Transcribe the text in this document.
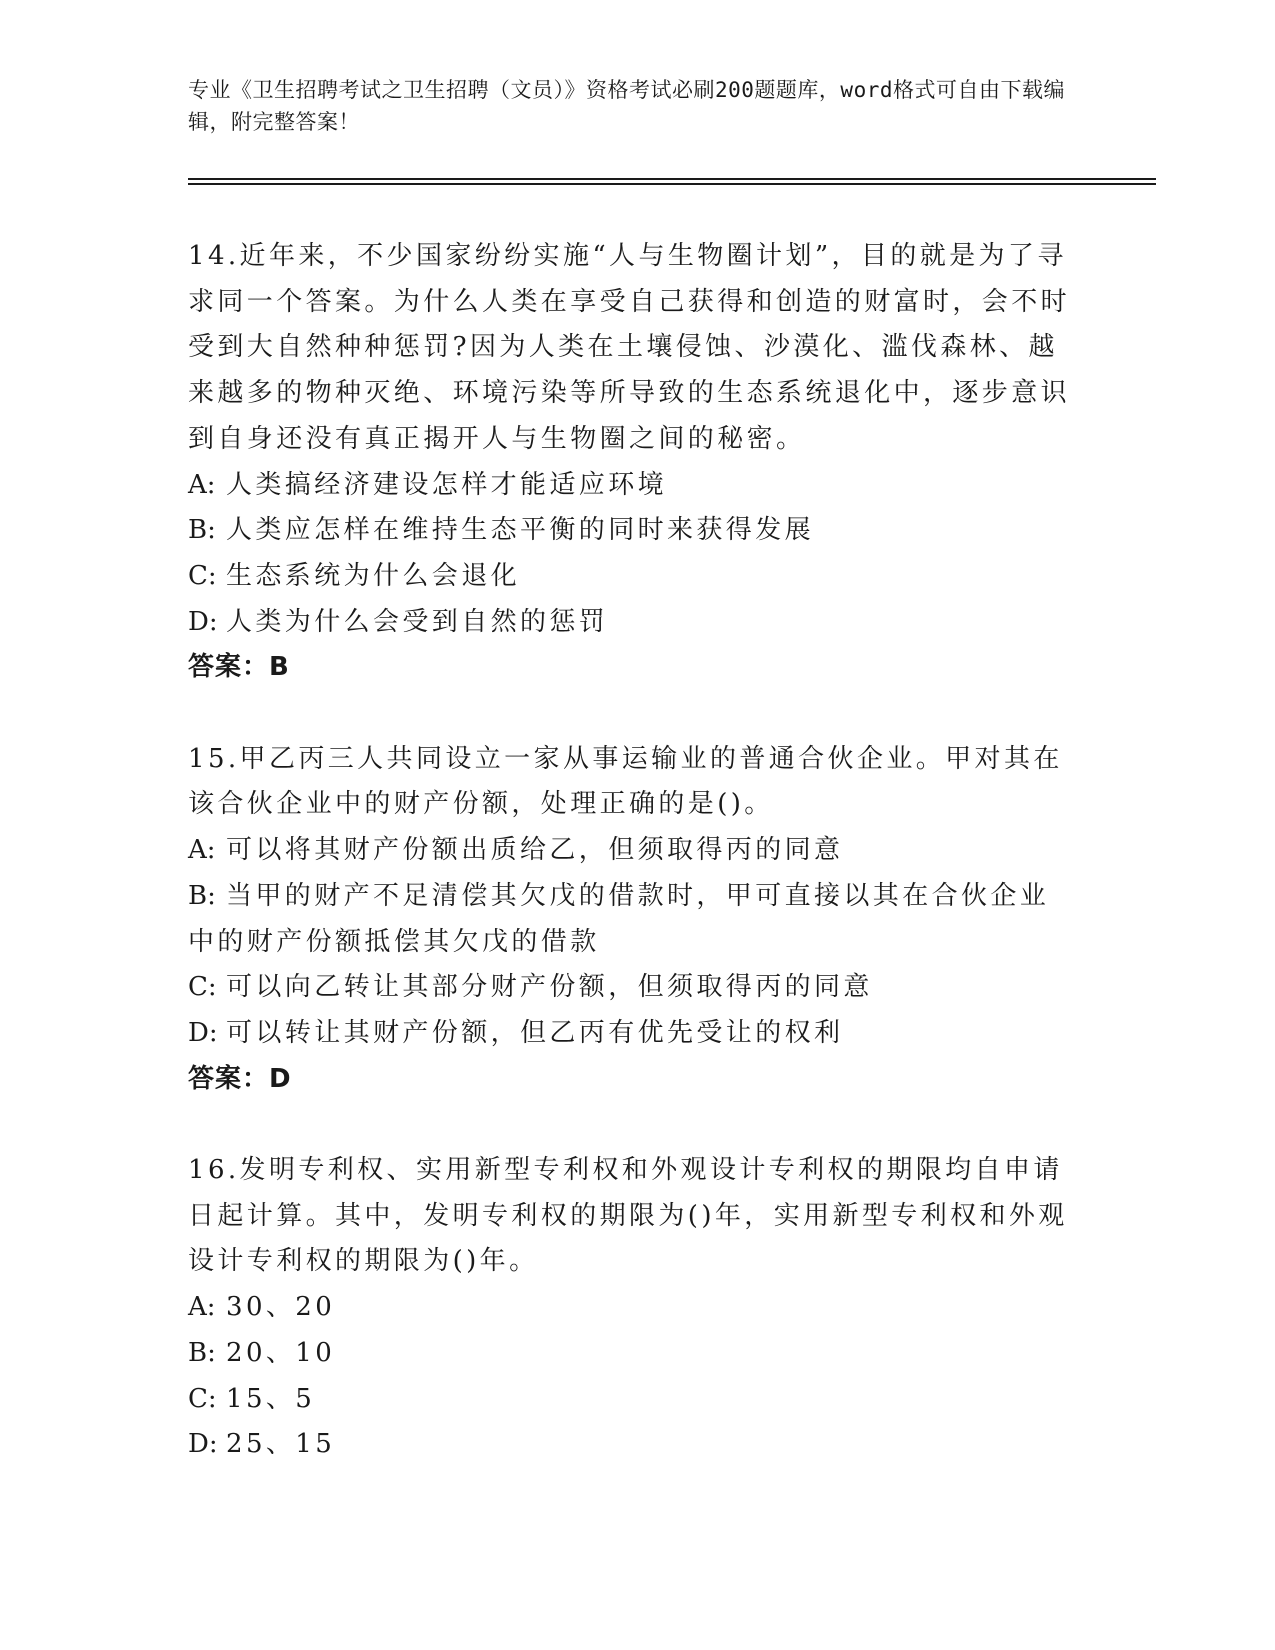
专业《卫生招聘考试之卫生招聘（文员）》资格考试必刷200题题库，word格式可自由下载编辑，附完整答案！

14.近年来，不少国家纷纷实施“人与生物圈计划”，目的就是为了寻求同一个答案。为什么人类在享受自己获得和创造的财富时，会不时受到大自然种种惩罚?因为人类在土壤侵蚀、沙漠化、滥伐森林、越来越多的物种灭绝、环境污染等所导致的生态系统退化中，逐步意识到自身还没有真正揭开人与生物圈之间的秘密。

A: 人类搞经济建设怎样才能适应环境

B: 人类应怎样在维持生态平衡的同时来获得发展

C: 生态系统为什么会退化

D: 人类为什么会受到自然的惩罚

答案：B

15.甲乙丙三人共同设立一家从事运输业的普通合伙企业。甲对其在该合伙企业中的财产份额，处理正确的是()。

A: 可以将其财产份额出质给乙，但须取得丙的同意

B: 当甲的财产不足清偿其欠戊的借款时，甲可直接以其在合伙企业中的财产份额抵偿其欠戊的借款

C: 可以向乙转让其部分财产份额，但须取得丙的同意

D: 可以转让其财产份额，但乙丙有优先受让的权利

答案：D

16.发明专利权、实用新型专利权和外观设计专利权的期限均自申请日起计算。其中，发明专利权的期限为()年，实用新型专利权和外观设计专利权的期限为()年。

A: 30、20

B: 20、10

C: 15、5

D: 25、15
